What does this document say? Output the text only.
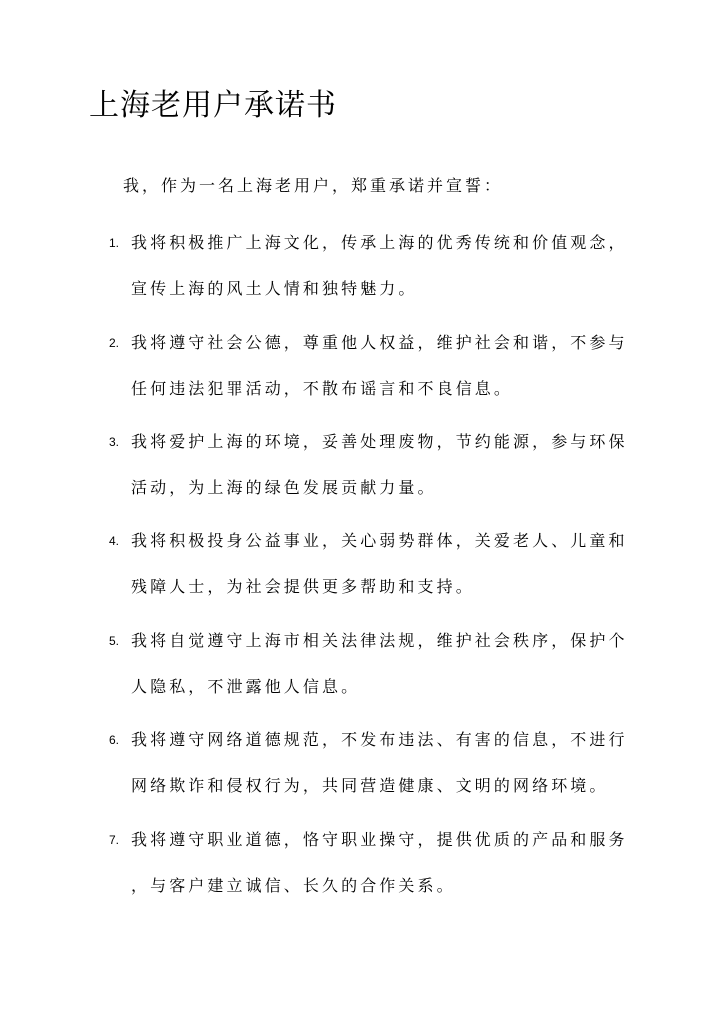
上海老用户承诺书

我，作为一名上海老用户，郑重承诺并宣誓：

1. 我将积极推广上海文化，传承上海的优秀传统和价值观念，
宣传上海的风土人情和独特魅力。
2. 我将遵守社会公德，尊重他人权益，维护社会和谐，不参与
任何违法犯罪活动，不散布谣言和不良信息。
3. 我将爱护上海的环境，妥善处理废物，节约能源，参与环保
活动，为上海的绿色发展贡献力量。
4. 我将积极投身公益事业，关心弱势群体，关爱老人、儿童和
残障人士，为社会提供更多帮助和支持。
5. 我将自觉遵守上海市相关法律法规，维护社会秩序，保护个
人隐私，不泄露他人信息。
6. 我将遵守网络道德规范，不发布违法、有害的信息，不进行
网络欺诈和侵权行为，共同营造健康、文明的网络环境。
7. 我将遵守职业道德，恪守职业操守，提供优质的产品和服务
，与客户建立诚信、长久的合作关系。
